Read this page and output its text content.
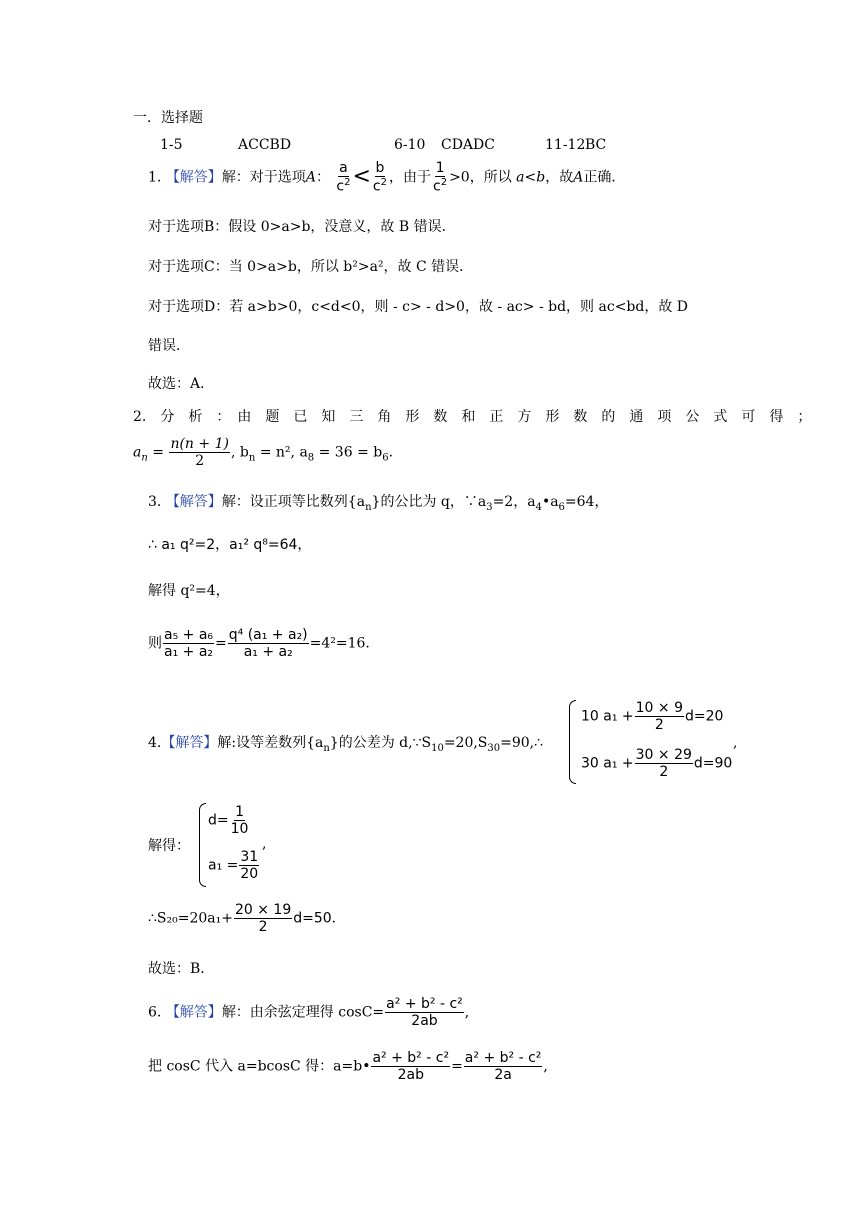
一．选择题
1-5	ACCBD	6-10 CDADC	11-12 BC
1. 【解答】解：对于选项A： $\frac{a}{c^2} < \frac{b}{c^2}$ ，由于 $\frac{1}{c^2} >0$，所以 a<b，故A正确．
对于选项B：假设 0>a>b，没意义，故 B 错误．
对于选项C：当 0>a>b，所以 b²>a²，故 C 错误．
对于选项D：若 a>b>0，c<d<0，则 - c> - d>0，故 - ac> - bd，则 ac<bd，故 D
错误．
故选：A．
2.　分　析　：　由　题　已　知　三　角　形　数　和　正　方　形　数　的　通　项　公　式　可　得　；
$a_n = \frac{n(n + 1)}{2}$ , $b_n = n^2$, $a_8 = 36 = b_6$.
3. 【解答】解：设正项等比数列$\{a_n\}$的公比为 q，$\because a_3=2$，$a_4•a_6=64$，
∴ a₁ q²=2，a₁² q⁸=64，
解得 q²=4，
则 $\frac{\text{a₅ + a₆}}{\text{a₁ + a₂}} = \frac{\text{q⁴ (a₁ + a₂)}}{\text{a₁ + a₂}} =4^2=16$．
4.【解答】解:设等差数列$\{a_n\}$的公差为 $d,\because S_{10}=20,S_{30}=90,\therefore$
10 $a_1 + \frac{10 \times 9}{2} d=20$
30 $a_1 + \frac{30 \times 29}{2} d=90$
,
解得：
$d= \frac{1}{10}$
$a_1 = \frac{31}{20}$
,
∴S₂₀=20a₁+ $\frac{20 \times 19}{2} d=50$．
故选：B．
6. 【解答】解：由余弦定理得 $\cos C= \frac{\text{a² + b² - c²}}{2ab}$ ,
把 cosC 代入 a=bcosC 得：a=b• $\frac{\text{a² + b² - c²}}{2ab} = \frac{\text{a² + b² - c²}}{2a}$ ,
